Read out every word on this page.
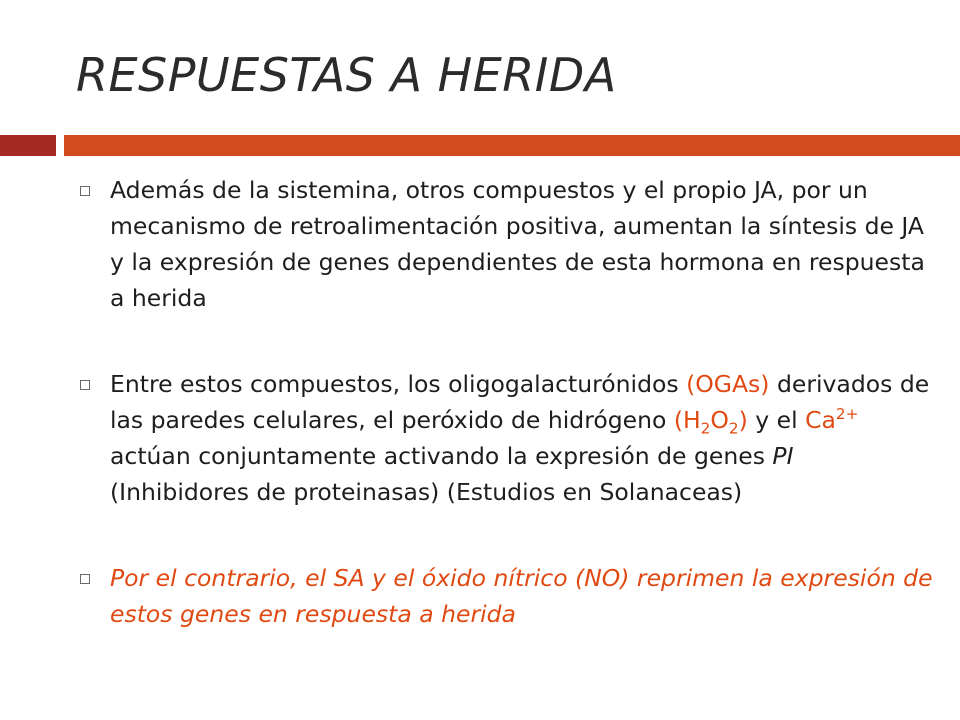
RESPUESTAS A HERIDA
Además de la sistemina, otros compuestos y el propio JA, por un mecanismo de retroalimentación positiva, aumentan la síntesis de JA y la expresión de genes dependientes de esta hormona en respuesta a herida
Entre estos compuestos, los oligogalacturónidos (OGAs) derivados de las paredes celulares, el peróxido de hidrógeno $(H_2O_2)$ y el $Ca^{2+}$ actúan conjuntamente activando la expresión de genes PI (Inhibidores de proteinasas) (Estudios en Solanaceas)
Por el contrario, el SA y el óxido nítrico (NO) reprimen la expresión de estos genes en respuesta a herida
